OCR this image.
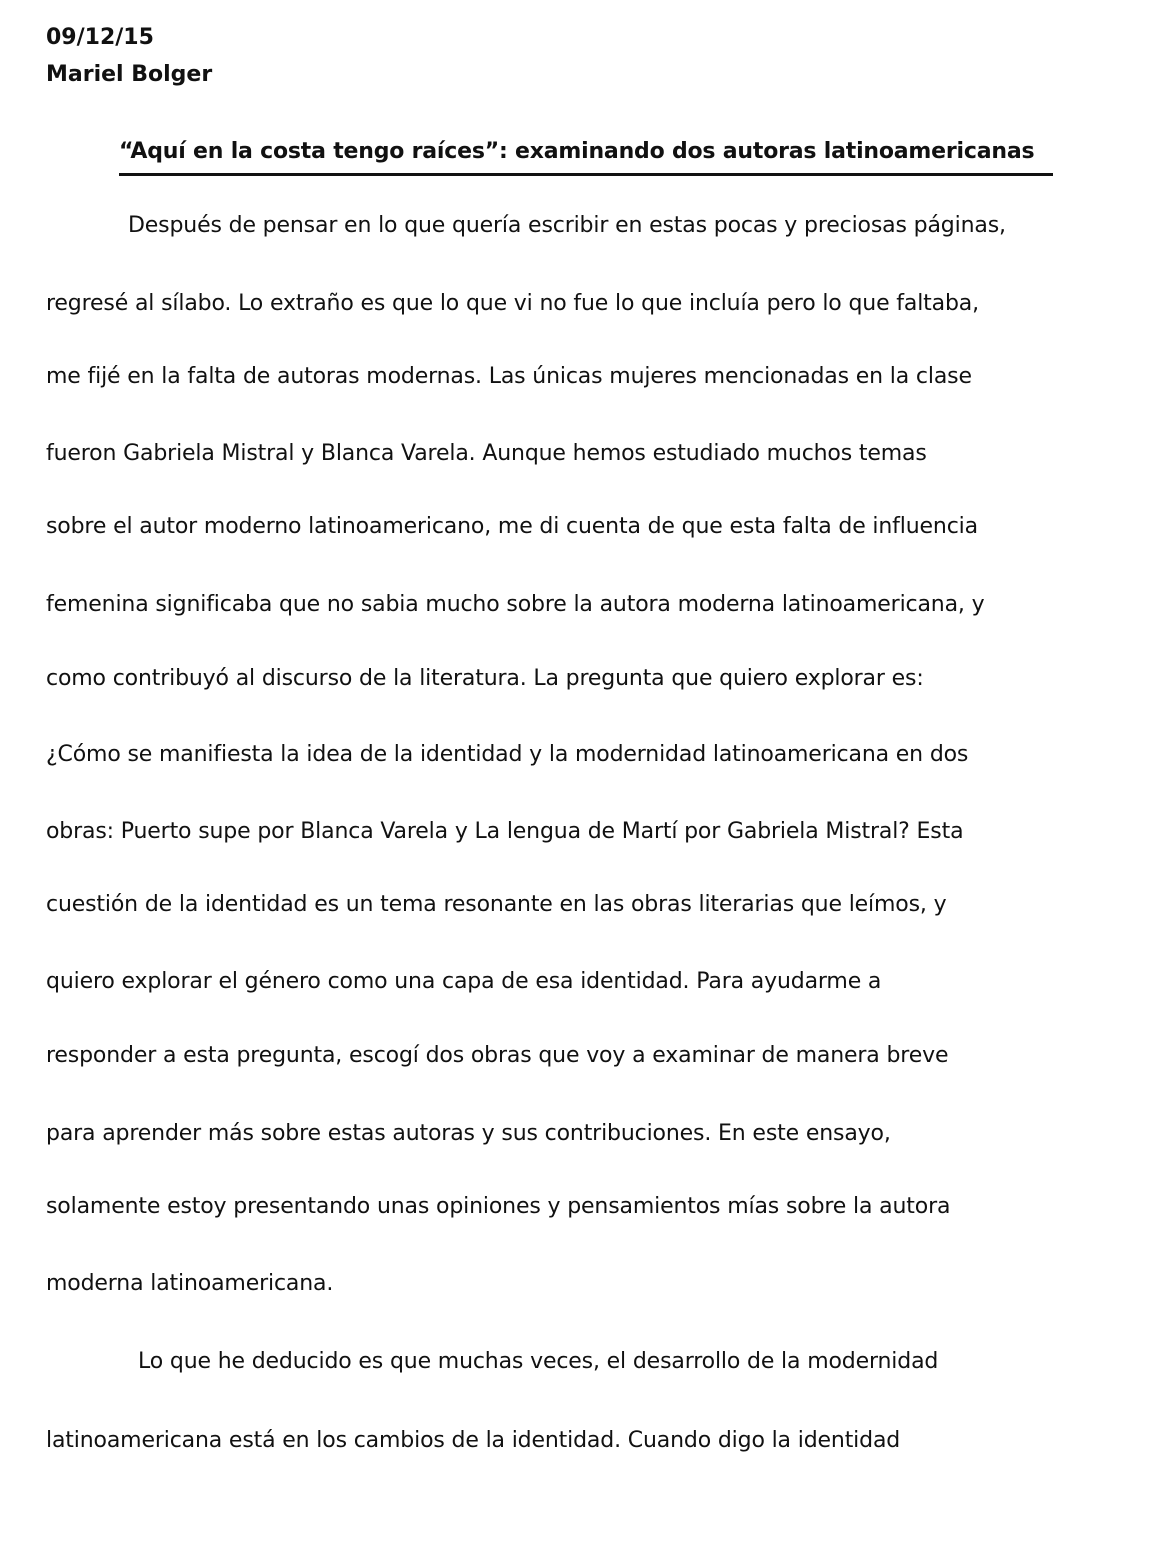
09/12/15
Mariel Bolger
“Aquí en la costa tengo raíces”: examinando dos autoras latinoamericanas
Después de pensar en lo que quería escribir en estas pocas y preciosas páginas,
regresé al sílabo. Lo extraño es que lo que vi no fue lo que incluía pero lo que faltaba,
me fijé en la falta de autoras modernas. Las únicas mujeres mencionadas en la clase
fueron Gabriela Mistral y Blanca Varela. Aunque hemos estudiado muchos temas
sobre el autor moderno latinoamericano, me di cuenta de que esta falta de influencia
femenina significaba que no sabia mucho sobre la autora moderna latinoamericana, y
como contribuyó al discurso de la literatura. La pregunta que quiero explorar es:
¿Cómo se manifiesta la idea de la identidad y la modernidad latinoamericana en dos
obras: Puerto supe por Blanca Varela y La lengua de Martí por Gabriela Mistral? Esta
cuestión de la identidad es un tema resonante en las obras literarias que leímos, y
quiero explorar el género como una capa de esa identidad. Para ayudarme a
responder a esta pregunta, escogí dos obras que voy a examinar de manera breve
para aprender más sobre estas autoras y sus contribuciones. En este ensayo,
solamente estoy presentando unas opiniones y pensamientos mías sobre la autora
moderna latinoamericana.
Lo que he deducido es que muchas veces, el desarrollo de la modernidad
latinoamericana está en los cambios de la identidad. Cuando digo la identidad
